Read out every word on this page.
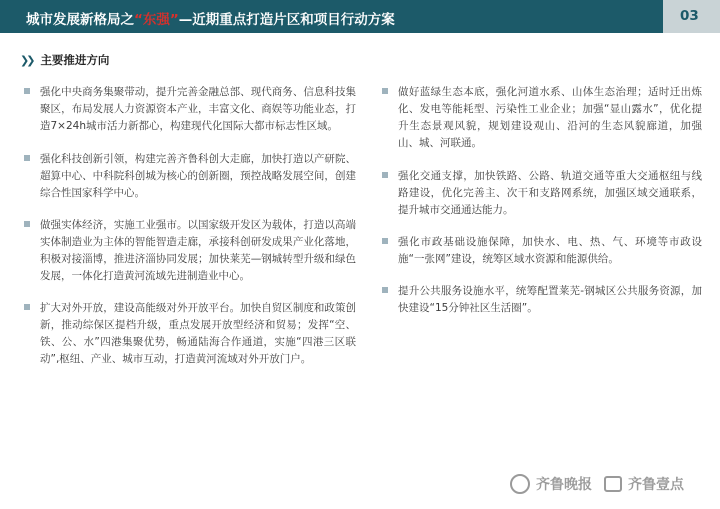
城市发展新格局之“东强”—近期重点打造片区和项目行动方案	03
❯❯ 主要推进方向
强化中央商务集聚带动，提升完善金融总部、现代商务、信息科技集聚区，布局发展人力资源资本产业，丰富文化、商娱等功能业态，打造7×24h城市活力新都心，构建现代化国际大都市标志性区域。
强化科技创新引领，构建完善齐鲁科创大走廊，加快打造以产研院、超算中心、中科院科创城为核心的创新圈，预控战略发展空间，创建综合性国家科学中心。
做强实体经济，实施工业强市。以国家级开发区为载体，打造以高端实体制造业为主体的智能智造走廊，承接科创研发成果产业化落地，积极对接淄博，推进济淄协同发展；加快莱芜—钢城转型升级和绿色发展，一体化打造黄河流域先进制造业中心。
扩大对外开放，建设高能级对外开放平台。加快自贸区制度和政策创新，推动综保区提档升级，重点发展开放型经济和贸易；发挥“空、铁、公、水”四港集聚优势，畅通陆海合作通道，实施“四港三区联动”,枢纽、产业、城市互动，打造黄河流域对外开放门户。
做好蓝绿生态本底，强化河道水系、山体生态治理；适时迁出炼化、发电等能耗型、污染性工业企业；加强“显山露水”，优化提升生态景观风貌，规划建设观山、沿河的生态风貌廊道，加强山、城、河联通。
强化交通支撑，加快铁路、公路、轨道交通等重大交通枢纽与线路建设，优化完善主、次干和支路网系统，加强区域交通联系，提升城市交通通达能力。
强化市政基础设施保障，加快水、电、热、气、环境等市政设施“一张网”建设，统筹区域水资源和能源供给。
提升公共服务设施水平，统筹配置莱芜-钢城区公共服务资源，加快建设“15分钟社区生活圈”。
齐鲁晚报	齐鲁壹点
